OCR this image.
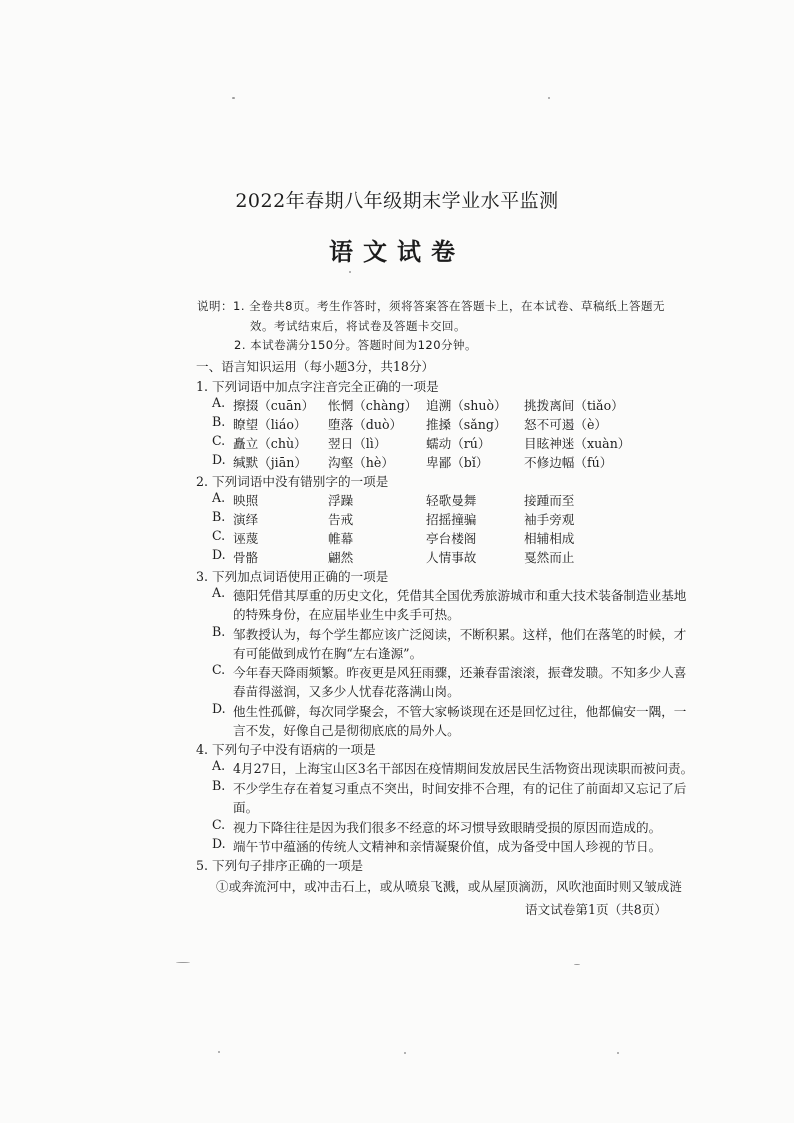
2022年春期八年级期末学业水平监测
语文试卷
说明：1. 全卷共8页。考生作答时，须将答案答在答题卡上，在本试卷、草稿纸上答题无
效。考试结束后，将试卷及答题卡交回。
2. 本试卷满分150分。答题时间为120分钟。
一、语言知识运用（每小题3分，共18分）
1. 下列词语中加点字注音完全正确的一项是
A. 擦掇（cuān） 怅惘（chàng） 追溯（shuò） 挑拨离间（tiǎo）
B. 瞭望（liáo） 堕落（duò） 推搡（sǎng） 怒不可遏（è）
C. 矗立（chù） 翌日（lì）	蠕动（rú）	目眩神迷（xuàn）
D. 缄默（jiān） 沟壑（hè）	卑鄙（bǐ）	不修边幅（fú）
2. 下列词语中没有错别字的一项是
A. 映照	浮躁	轻歌曼舞	接踵而至
B. 演绎	告戒	招摇撞骗	袖手旁观
C. 诬蔑	帷幕	亭台楼阁	相辅相成
D. 骨骼	翩然	人情事故	戛然而止
3. 下列加点词语使用正确的一项是
A. 德阳凭借其厚重的历史文化，凭借其全国优秀旅游城市和重大技术装备制造业基地
的特殊身份，在应届毕业生中炙手可热。
B. 邹教授认为，每个学生都应该广泛阅读，不断积累。这样，他们在落笔的时候，才
有可能做到成竹在胸“左右逢源”。
C. 今年春天降雨频繁。昨夜更是风狂雨骤，还兼春雷滚滚，振聋发聩。不知多少人喜
春苗得滋润，又多少人忧春花落满山岗。
D. 他生性孤僻，每次同学聚会，不管大家畅谈现在还是回忆过往，他都偏安一隅，一
言不发，好像自己是彻彻底底的局外人。
4. 下列句子中没有语病的一项是
A. 4月27日，上海宝山区3名干部因在疫情期间发放居民生活物资出现读职而被问责。
B. 不少学生存在着复习重点不突出，时间安排不合理，有的记住了前面却又忘记了后
面。
C. 视力下降往往是因为我们很多不经意的坏习惯导致眼睛受损的原因而造成的。
D. 端午节中蕴涵的传统人文精神和亲情凝聚价值，成为备受中国人珍视的节日。
5. 下列句子排序正确的一项是
①或奔流河中，或冲击石上，或从喷泉飞溅，或从屋顶滴沥，风吹池面时则又皱成涟
语文试卷第1页（共8页）
